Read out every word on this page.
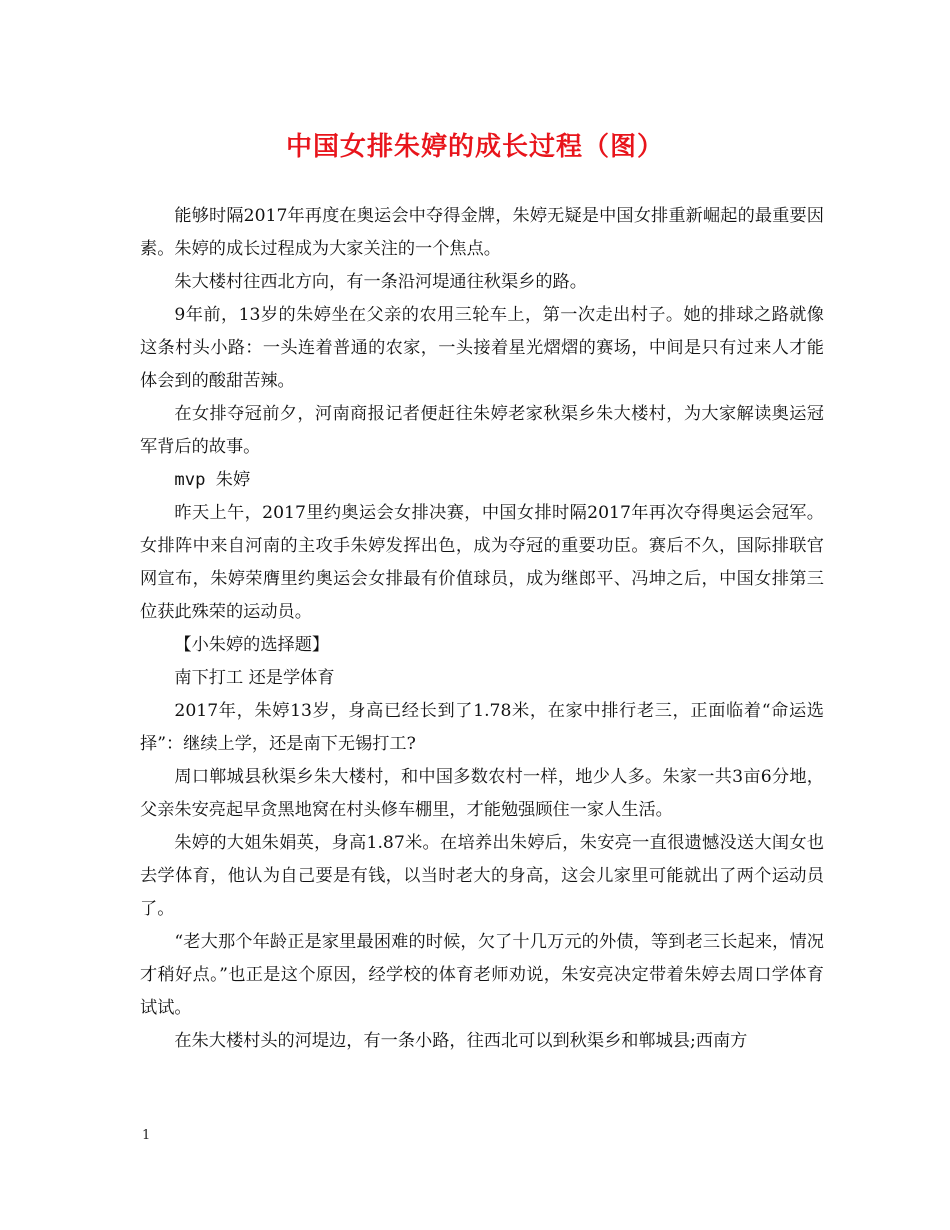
中国女排朱婷的成长过程（图）

能够时隔2017年再度在奥运会中夺得金牌，朱婷无疑是中国女排重新崛起的最重要因素。朱婷的成长过程成为大家关注的一个焦点。

朱大楼村往西北方向，有一条沿河堤通往秋渠乡的路。

9年前，13岁的朱婷坐在父亲的农用三轮车上，第一次走出村子。她的排球之路就像这条村头小路：一头连着普通的农家，一头接着星光熠熠的赛场，中间是只有过来人才能体会到的酸甜苦辣。

在女排夺冠前夕，河南商报记者便赶往朱婷老家秋渠乡朱大楼村，为大家解读奥运冠军背后的故事。

mvp 朱婷

昨天上午，2017里约奥运会女排决赛，中国女排时隔2017年再次夺得奥运会冠军。女排阵中来自河南的主攻手朱婷发挥出色，成为夺冠的重要功臣。赛后不久，国际排联官网宣布，朱婷荣膺里约奥运会女排最有价值球员，成为继郎平、冯坤之后，中国女排第三位获此殊荣的运动员。

【小朱婷的选择题】

南下打工 还是学体育

2017年，朱婷13岁，身高已经长到了1.78米，在家中排行老三，正面临着“命运选择”：继续上学，还是南下无锡打工?

周口郸城县秋渠乡朱大楼村，和中国多数农村一样，地少人多。朱家一共3亩6分地，父亲朱安亮起早贪黑地窝在村头修车棚里，才能勉强顾住一家人生活。

朱婷的大姐朱娟英，身高1.87米。在培养出朱婷后，朱安亮一直很遗憾没送大闺女也去学体育，他认为自己要是有钱，以当时老大的身高，这会儿家里可能就出了两个运动员了。

“老大那个年龄正是家里最困难的时候，欠了十几万元的外债，等到老三长起来，情况才稍好点。”也正是这个原因，经学校的体育老师劝说，朱安亮决定带着朱婷去周口学体育试试。

在朱大楼村头的河堤边，有一条小路，往西北可以到秋渠乡和郸城县;西南方

1
